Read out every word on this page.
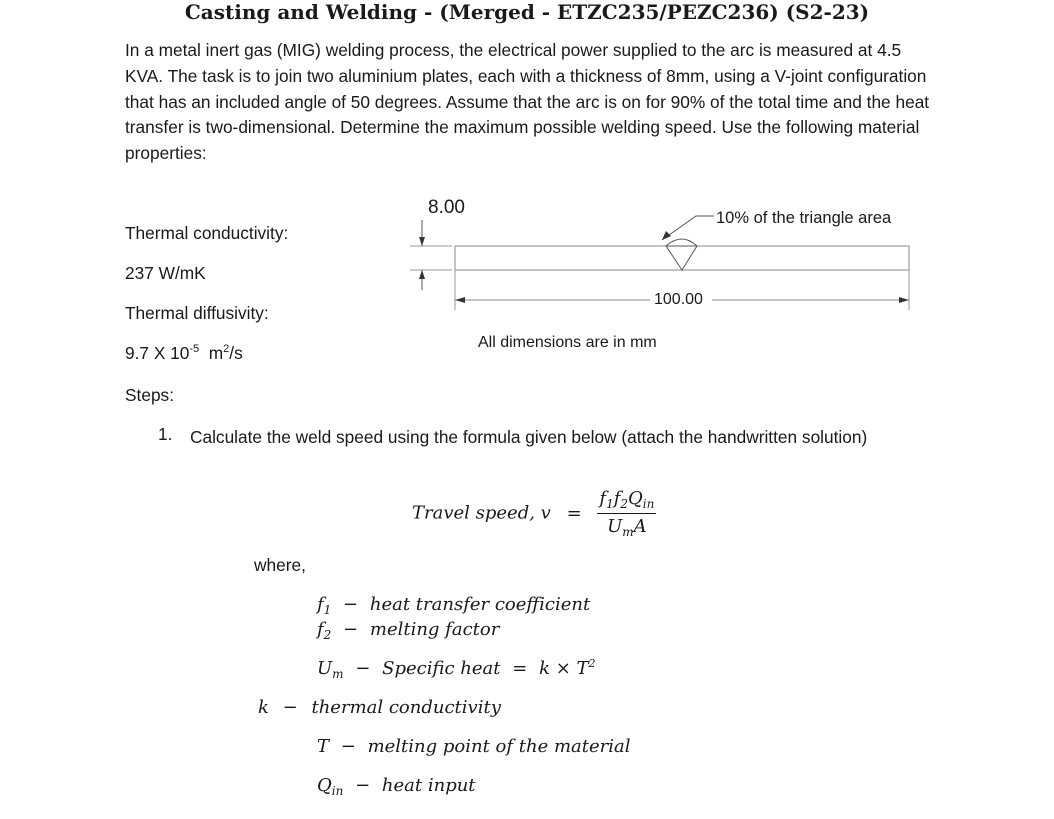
Casting and Welding - (Merged - ETZC235/PEZC236) (S2-23)
In a metal inert gas (MIG) welding process, the electrical power supplied to the arc is measured at 4.5 KVA. The task is to join two aluminium plates, each with a thickness of 8mm, using a V-joint configuration that has an included angle of 50 degrees. Assume that the arc is on for 90% of the total time and the heat transfer is two-dimensional. Determine the maximum possible welding speed. Use the following material properties:
Thermal conductivity:
237 W/mK
Thermal diffusivity:
9.7 X $10^{-5}$ $m^2/s$
8.00
100.00
10% of the triangle area
All dimensions are in mm
Steps:
1. Calculate the weld speed using the formula given below (attach the handwritten solution)
Travel speed, $v = \frac{f_1f_2Q_{in}}{U_mA}$
where,
$f_1$ − heat transfer coefficient
$f_2$ − melting factor
$U_m$ − Specific heat = $k \times T^2$
k − thermal conductivity
T − melting point of the material
$Q_{in}$ − heat input
